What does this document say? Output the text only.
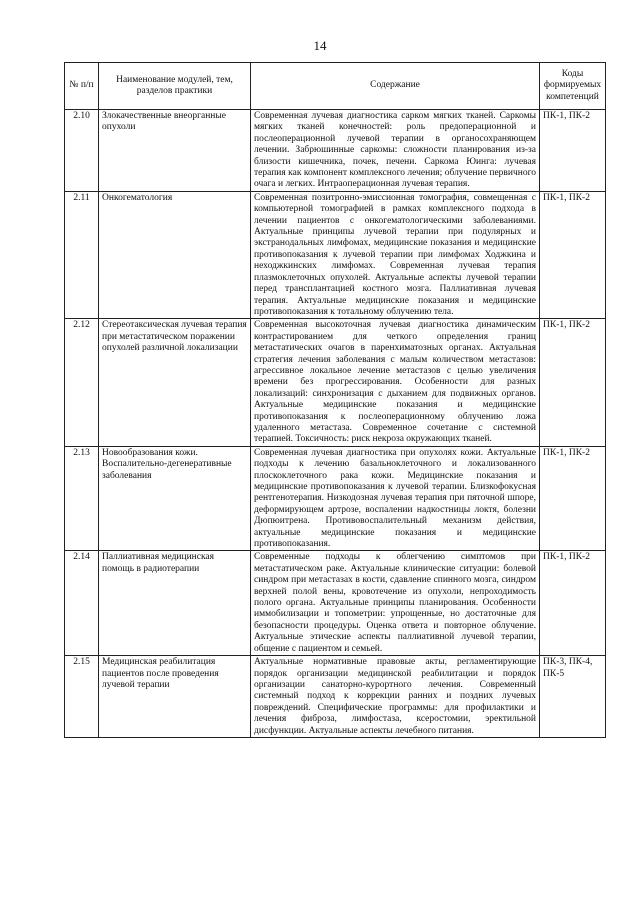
14
№ п/п	Наименование модулей, тем, разделов практики	Содержание	Коды формируемых компетенций
2.10	Злокачественные внеорганные опухоли	Современная лучевая диагностика сарком мягких тканей. Саркомы мягких тканей конечностей: роль предоперационной и послеоперационной лучевой терапии в органосохраняющем лечении. Забрюшинные саркомы: сложности планирования из-за близости кишечника, почек, печени. Саркома Юинга: лучевая терапия как компонент комплексного лечения; облучение первичного очага и легких. Интраоперационная лучевая терапия.	ПК-1, ПК-2
2.11	Онкогематология	Современная позитронно-эмиссионная томография, совмещенная с компьютерной томографией в рамках комплексного подхода в лечении пациентов с онкогематологическими заболеваниями. Актуальные принципы лучевой терапии при подулярных и экстранодальных лимфомах, медицинские показания и медицинские противопоказания к лучевой терапии при лимфомах Ходжкина и неходжкинских лимфомах. Современная лучевая терапия плазмоклеточных опухолей. Актуальные аспекты лучевой терапии перед трансплантацией костного мозга. Паллиативная лучевая терапия. Актуальные медицинские показания и медицинские противопоказания к тотальному облучению тела.	ПК-1, ПК-2
2.12	Стереотаксическая лучевая терапия при метастатическом поражении опухолей различной локализации	Современная высокоточная лучевая диагностика динамическим контрастированием для четкого определения границ метастатических очагов в паренхиматозных органах. Актуальная стратегия лечения заболевания с малым количеством метастазов: агрессивное локальное лечение метастазов с целью увеличения времени без прогрессирования. Особенности для разных локализаций: синхронизация с дыханием для подвижных органов. Актуальные медицинские показания и медицинские противопоказания к послеоперационному облучению ложа удаленного метастаза. Современное сочетание с системной терапией. Токсичность: риск некроза окружающих тканей.	ПК-1, ПК-2
2.13	Новообразования кожи. Воспалительно-дегенеративные заболевания	Современная лучевая диагностика при опухолях кожи. Актуальные подходы к лечению базальноклеточного и локализованного плоскоклеточного рака кожи. Медицинские показания и медицинские противопоказания к лучевой терапии. Близкофокусная рентгенотерапия. Низкодозная лучевая терапия при пяточной шпоре, деформирующем артрозе, воспалении надкостницы локтя, болезни Дюпюитрена. Противовоспалительный механизм действия, актуальные медицинские показания и медицинские противопоказания.	ПК-1, ПК-2
2.14	Паллиативная медицинская помощь в радиотерапии	Современные подходы к облегчению симптомов при метастатическом раке. Актуальные клинические ситуации: болевой синдром при метастазах в кости, сдавление спинного мозга, синдром верхней полой вены, кровотечение из опухоли, непроходимость полого органа. Актуальные принципы планирования. Особенности иммобилизации и топометрии: упрощенные, но достаточные для безопасности процедуры. Оценка ответа и повторное облучение. Актуальные этические аспекты паллиативной лучевой терапии, общение с пациентом и семьей.	ПК-1, ПК-2
2.15	Медицинская реабилитация пациентов после проведения лучевой терапии	Актуальные нормативные правовые акты, регламентирующие порядок организации медицинской реабилитации и порядок организации санаторно-курортного лечения. Современный системный подход к коррекции ранних и поздних лучевых повреждений. Специфические программы: для профилактики и лечения фиброза, лимфостаза, ксеростомии, эректильной дисфункции. Актуальные аспекты лечебного питания.	ПК-3, ПК-4, ПК-5
